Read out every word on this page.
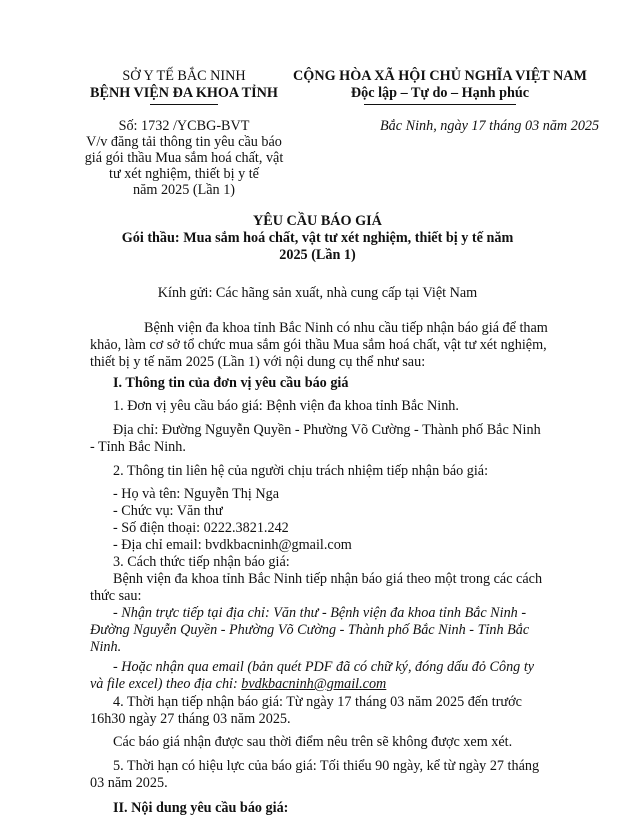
SỞ Y TẾ BẮC NINH
BỆNH VIỆN ĐA KHOA TỈNH
Số: 1732 /YCBG-BVT
V/v đăng tải thông tin yêu cầu báo
giá gói thầu Mua sắm hoá chất, vật
tư xét nghiệm, thiết bị y tế
năm 2025 (Lần 1)
CỘNG HÒA XÃ HỘI CHỦ NGHĨA VIỆT NAM
Độc lập – Tự do – Hạnh phúc
Bắc Ninh, ngày 17 tháng 03 năm 2025
YÊU CẦU BÁO GIÁ
Gói thầu: Mua sắm hoá chất, vật tư xét nghiệm, thiết bị y tế năm
2025 (Lần 1)
Kính gửi: Các hãng sản xuất, nhà cung cấp tại Việt Nam
Bệnh viện đa khoa tỉnh Bắc Ninh có nhu cầu tiếp nhận báo giá để tham
khảo, làm cơ sở tổ chức mua sắm gói thầu Mua sắm hoá chất, vật tư xét nghiệm,
thiết bị y tế năm 2025 (Lần 1) với nội dung cụ thể như sau:
I. Thông tin của đơn vị yêu cầu báo giá
1. Đơn vị yêu cầu báo giá: Bệnh viện đa khoa tỉnh Bắc Ninh.
Địa chỉ: Đường Nguyễn Quyền - Phường Võ Cường - Thành phố Bắc Ninh
- Tỉnh Bắc Ninh.
2. Thông tin liên hệ của người chịu trách nhiệm tiếp nhận báo giá:
- Họ và tên: Nguyễn Thị Nga
- Chức vụ: Văn thư
- Số điện thoại: 0222.3821.242
- Địa chỉ email: bvdkbacninh@gmail.com
3. Cách thức tiếp nhận báo giá:
Bệnh viện đa khoa tỉnh Bắc Ninh tiếp nhận báo giá theo một trong các cách
thức sau:
- Nhận trực tiếp tại địa chỉ: Văn thư - Bệnh viện đa khoa tỉnh Bắc Ninh -
Đường Nguyễn Quyền - Phường Võ Cường - Thành phố Bắc Ninh - Tỉnh Bắc
Ninh.
- Hoặc nhận qua email (bản quét PDF đã có chữ ký, đóng dấu đỏ Công ty
và file excel) theo địa chỉ: bvdkbacninh@gmail.com
4. Thời hạn tiếp nhận báo giá: Từ ngày 17 tháng 03 năm 2025 đến trước
16h30 ngày 27 tháng 03 năm 2025.
Các báo giá nhận được sau thời điểm nêu trên sẽ không được xem xét.
5. Thời hạn có hiệu lực của báo giá: Tối thiểu 90 ngày, kể từ ngày 27 tháng
03 năm 2025.
II. Nội dung yêu cầu báo giá:
